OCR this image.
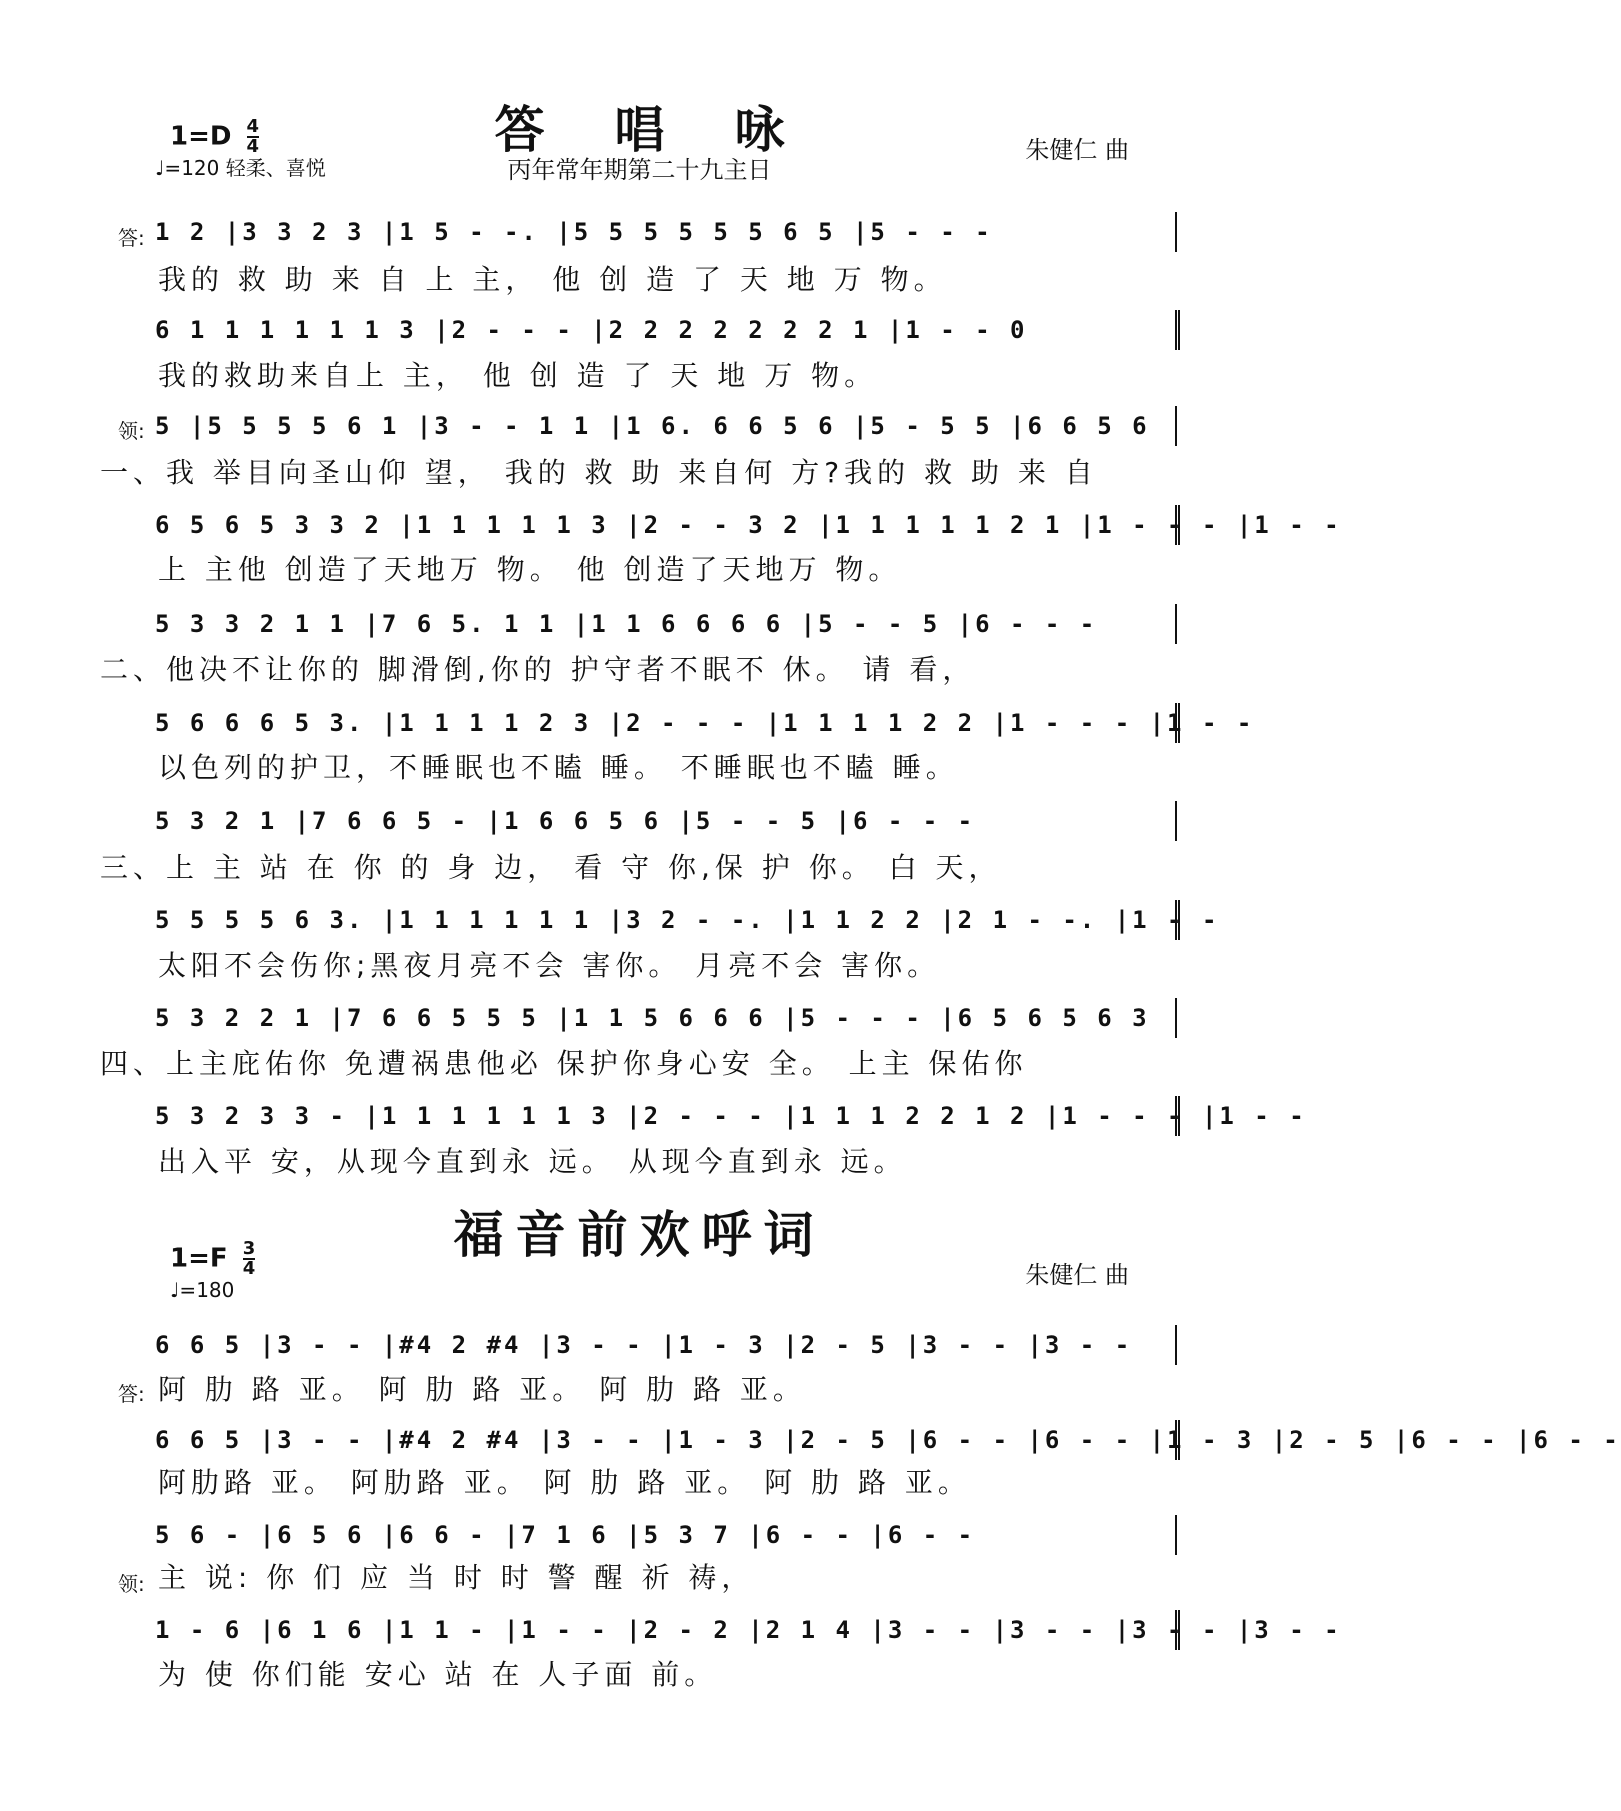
答唱咏
$1=D \frac{4}{4}$
♩=120 轻柔、喜悦	丙年常年期第二十九主日
朱健仁 曲
答: 1 2 |3 3 2 3 |1 5 - -. |5 5 5 5 5 5 6 5 |5 - - -
我的 救 助 来 自 上 主， 他 创 造 了 天 地 万 物。
6 1 1 1 1 1 1 3 |2 - - - |2 2 2 2 2 2 2 1 |1 - - 0
我的救助来自上 主， 他 创 造 了 天 地 万 物。
领: 5 |5 5 5 5 6 1 |3 - - 1 1 |1 6. 6 6 5 6 |5 - 5 5 |6 6 5 6
一、我 举目向圣山仰 望， 我的 救 助 来自何 方?我的 救 助 来 自
6 5 6 5 3 3 2 |1 1 1 1 1 3 |2 - - 3 2 |1 1 1 1 1 2 1 |1 - - - |1 - -
上 主他 创造了天地万 物。 他 创造了天地万 物。
5 3 3 2 1 1 |7 6 5. 1 1 |1 1 6 6 6 6 |5 - - 5 |6 - - -
二、他决不让你的 脚滑倒,你的 护守者不眠不 休。 请 看，
5 6 6 6 5 3. |1 1 1 1 2 3 |2 - - - |1 1 1 1 2 2 |1 - - - |1 - -
以色列的护卫，不睡眠也不瞌 睡。 不睡眠也不瞌 睡。
5 3 2 1 |7 6 6 5 - |1 6 6 5 6 |5 - - 5 |6 - - -
三、上 主 站 在 你 的 身 边， 看 守 你,保 护 你。 白 天，
5 5 5 5 6 3. |1 1 1 1 1 1 |3 2 - -. |1 1 2 2 |2 1 - -. |1 - -
太阳不会伤你;黑夜月亮不会 害你。 月亮不会 害你。
5 3 2 2 1 |7 6 6 5 5 5 |1 1 5 6 6 6 |5 - - - |6 5 6 5 6 3
四、上主庇佑你 免遭祸患他必 保护你身心安 全。 上主 保佑你
5 3 2 3 3 - |1 1 1 1 1 1 3 |2 - - - |1 1 1 2 2 1 2 |1 - - - |1 - -
出入平 安，从现今直到永 远。 从现今直到永 远。
福音前欢呼词
$1=F \frac{3}{4}$
♩=180
朱健仁 曲
6 6 5 |3 - - |#4 2 #4 |3 - - |1 - 3 |2 - 5 |3 - - |3 - -
阿 肋 路 亚。 阿 肋 路 亚。 阿 肋 路 亚。
答:
6 6 5 |3 - - |#4 2 #4 |3 - - |1 - 3 |2 - 5 |6 - - |6 - - |1 - 3 |2 - 5 |6 - - |6 - -
阿肋路 亚。 阿肋路 亚。 阿 肋 路 亚。 阿 肋 路 亚。
5 6 - |6 5 6 |6 6 - |7 1 6 |5 3 7 |6 - - |6 - -
领: 主 说: 你 们 应 当 时 时 警 醒 祈 祷，
1 - 6 |6 1 6 |1 1 - |1 - - |2 - 2 |2 1 4 |3 - - |3 - - |3 - - |3 - -
为 使 你们能 安心 站 在 人子面 前。
